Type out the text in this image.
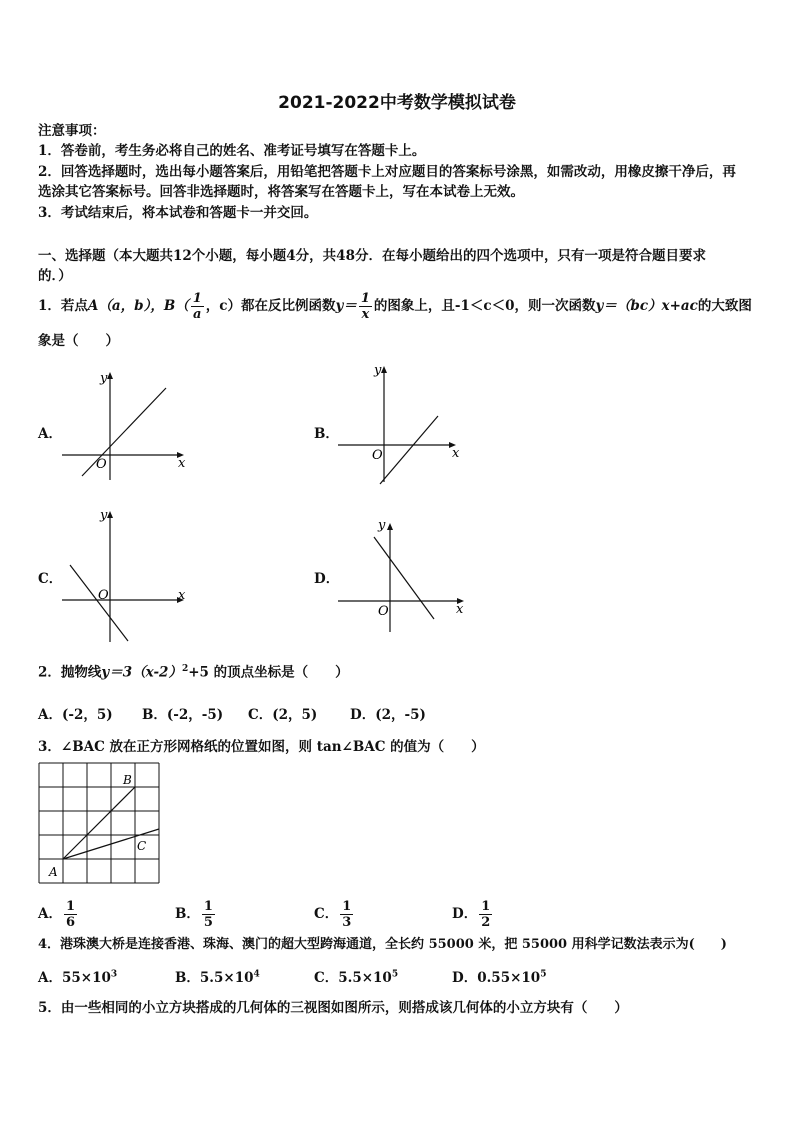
2021-2022中考数学模拟试卷
注意事项：
1．答卷前，考生务必将自己的姓名、准考证号填写在答题卡上。
2．回答选择题时，选出每小题答案后，用铅笔把答题卡上对应题目的答案标号涂黑，如需改动，用橡皮擦干净后，再
选涂其它答案标号。回答非选择题时，将答案写在答题卡上，写在本试卷上无效。
3．考试结束后，将本试卷和答题卡一并交回。
一、选择题（本大题共12个小题，每小题4分，共48分．在每小题给出的四个选项中，只有一项是符合题目要求
的．）
1．若点A（a，b），$B( \frac{1}{a}$ ，c）都在反比例函数$y= \frac{1}{x}$ 的图象上，且-1＜c＜0，则一次函数y＝（bc）x+ac的大致图
象是（　　）
A．	B．
C．	D．
y
x
O
y
x
O
y
x
O
y
x
O
2．抛物线$y=3(x-2)^2+5$ 的顶点坐标是（　　）
A．(-2，5) B．(-2，-5) C．(2，5) D．(2，-5)
3．∠BAC 放在正方形网格纸的位置如图，则 tan∠BAC 的值为（　　）
A
B
C
A． $\frac{1}{6}$	B． $\frac{1}{5}$	C． $\frac{1}{3}$	D． $\frac{1}{2}$
4．港珠澳大桥是连接香港、珠海、澳门的超大型跨海通道，全长约 55000 米，把 55000 用科学记数法表示为(　　)
A．$55\times 10^3$	B．$5.5\times 10^4$	C．$5.5\times 10^5$	D．$0.55\times 10^5$
5．由一些相同的小立方块搭成的几何体的三视图如图所示，则搭成该几何体的小立方块有（　　）
